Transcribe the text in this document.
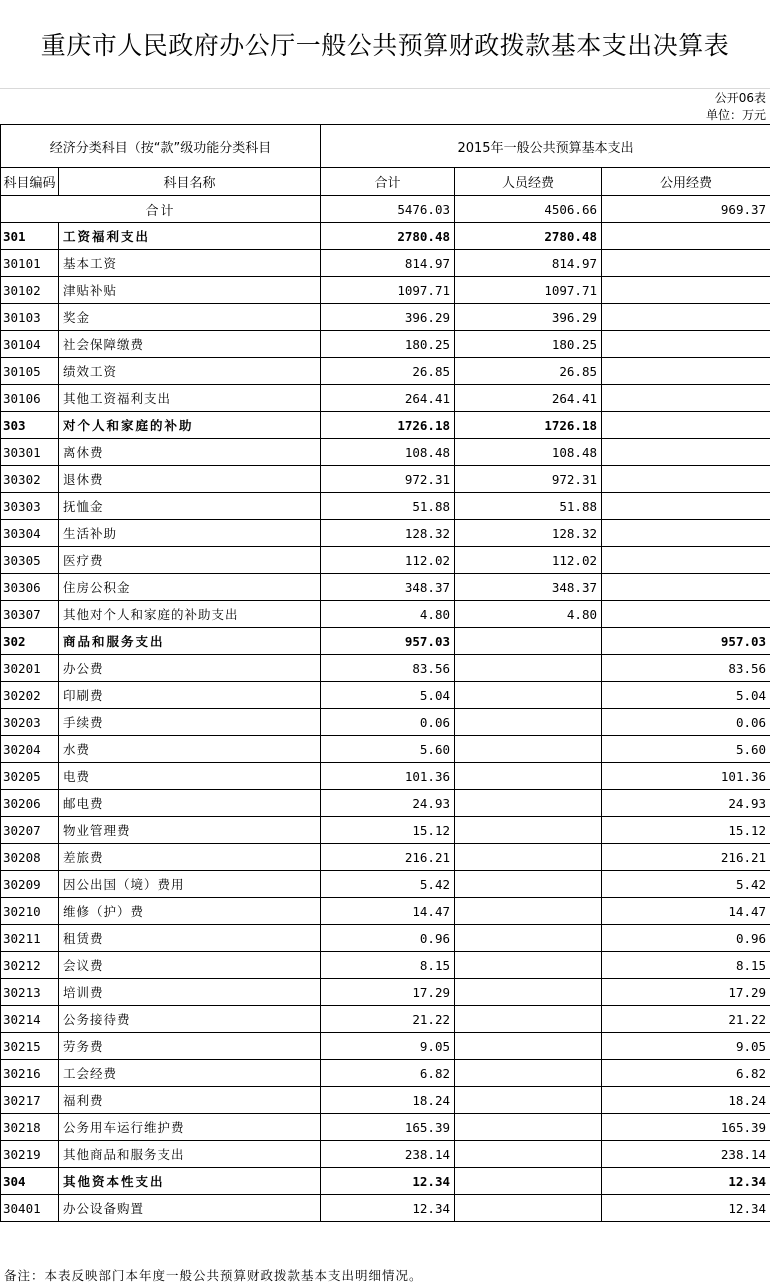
重庆市人民政府办公厅一般公共预算财政拨款基本支出决算表
公开06表
单位：万元
经济分类科目（按“款”级功能分类科目		2015年一般公共预算基本支出		
科目编码	科目名称	合计	人员经费	公用经费
合计		5476.03	4506.66	969.37
301	工资福利支出	2780.48	2780.48	
30101	基本工资	814.97	814.97	
30102	津贴补贴	1097.71	1097.71	
30103	奖金	396.29	396.29	
30104	社会保障缴费	180.25	180.25	
30105	绩效工资	26.85	26.85	
30106	其他工资福利支出	264.41	264.41	
303	对个人和家庭的补助	1726.18	1726.18	
30301	离休费	108.48	108.48	
30302	退休费	972.31	972.31	
30303	抚恤金	51.88	51.88	
30304	生活补助	128.32	128.32	
30305	医疗费	112.02	112.02	
30306	住房公积金	348.37	348.37	
30307	其他对个人和家庭的补助支出	4.80	4.80	
302	商品和服务支出	957.03		957.03
30201	办公费	83.56		83.56
30202	印刷费	5.04		5.04
30203	手续费	0.06		0.06
30204	水费	5.60		5.60
30205	电费	101.36		101.36
30206	邮电费	24.93		24.93
30207	物业管理费	15.12		15.12
30208	差旅费	216.21		216.21
30209	因公出国（境）费用	5.42		5.42
30210	维修（护）费	14.47		14.47
30211	租赁费	0.96		0.96
30212	会议费	8.15		8.15
30213	培训费	17.29		17.29
30214	公务接待费	21.22		21.22
30215	劳务费	9.05		9.05
30216	工会经费	6.82		6.82
30217	福利费	18.24		18.24
30218	公务用车运行维护费	165.39		165.39
30219	其他商品和服务支出	238.14		238.14
304	其他资本性支出	12.34		12.34
30401	办公设备购置	12.34		12.34
备注：本表反映部门本年度一般公共预算财政拨款基本支出明细情况。
